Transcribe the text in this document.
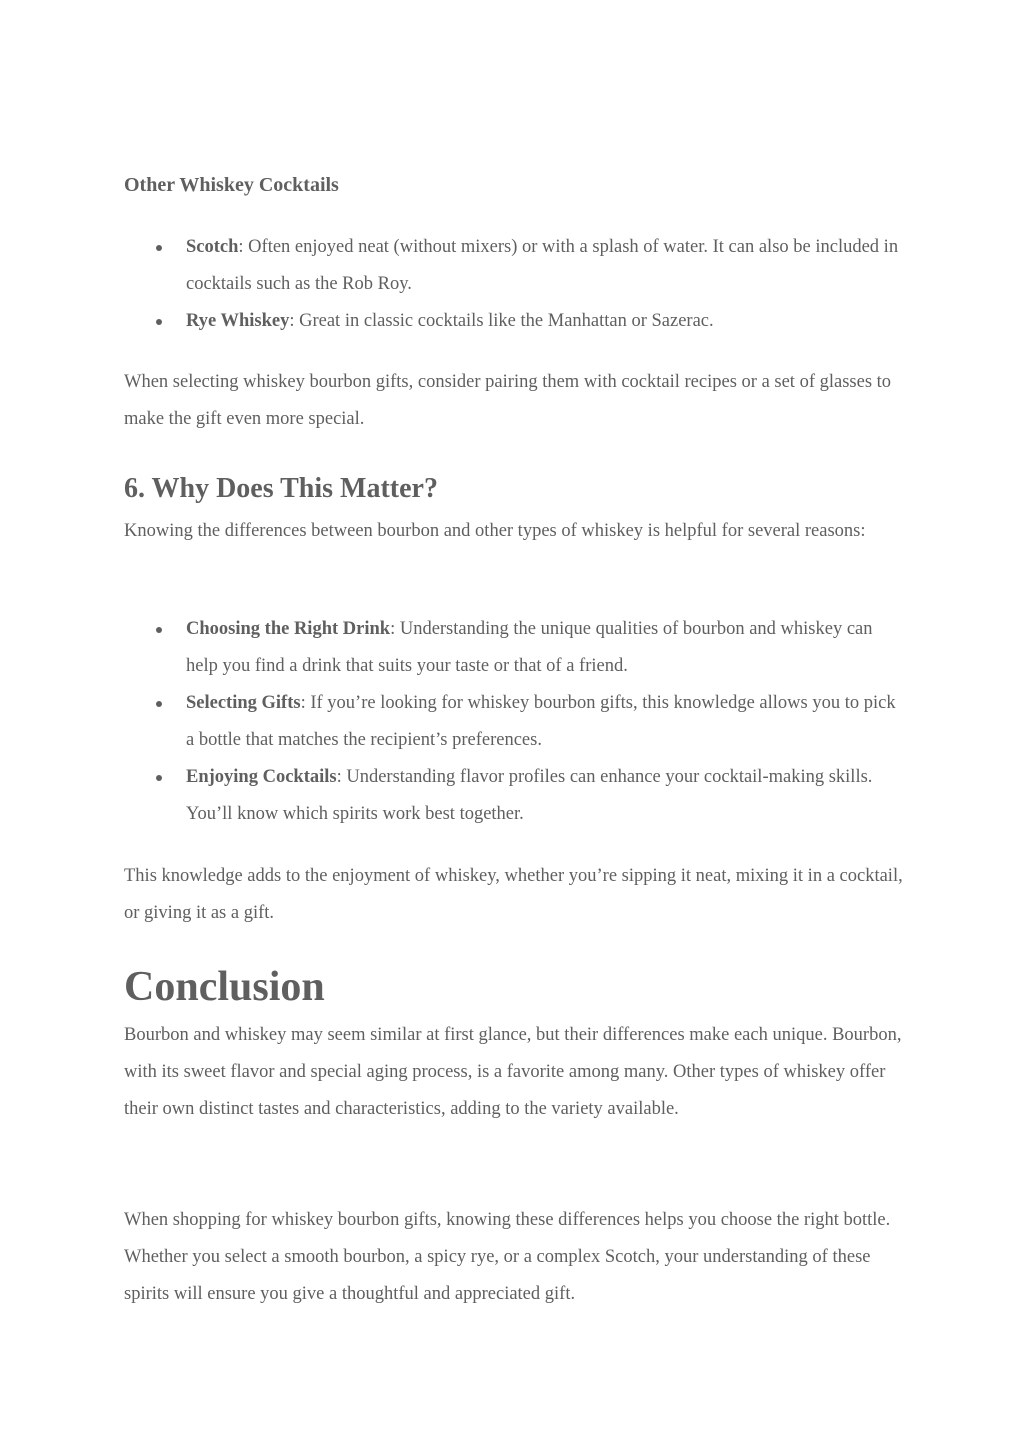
Other Whiskey Cocktails
Scotch: Often enjoyed neat (without mixers) or with a splash of water. It can also be included in cocktails such as the Rob Roy.
Rye Whiskey: Great in classic cocktails like the Manhattan or Sazerac.

When selecting whiskey bourbon gifts, consider pairing them with cocktail recipes or a set of glasses to make the gift even more special.

6. Why Does This Matter?

Knowing the differences between bourbon and other types of whiskey is helpful for several reasons:

Choosing the Right Drink: Understanding the unique qualities of bourbon and whiskey can help you find a drink that suits your taste or that of a friend.
Selecting Gifts: If you’re looking for whiskey bourbon gifts, this knowledge allows you to pick a bottle that matches the recipient’s preferences.
Enjoying Cocktails: Understanding flavor profiles can enhance your cocktail-making skills. You’ll know which spirits work best together.

This knowledge adds to the enjoyment of whiskey, whether you’re sipping it neat, mixing it in a cocktail, or giving it as a gift.

Conclusion

Bourbon and whiskey may seem similar at first glance, but their differences make each unique. Bourbon, with its sweet flavor and special aging process, is a favorite among many. Other types of whiskey offer their own distinct tastes and characteristics, adding to the variety available.

When shopping for whiskey bourbon gifts, knowing these differences helps you choose the right bottle. Whether you select a smooth bourbon, a spicy rye, or a complex Scotch, your understanding of these spirits will ensure you give a thoughtful and appreciated gift.
